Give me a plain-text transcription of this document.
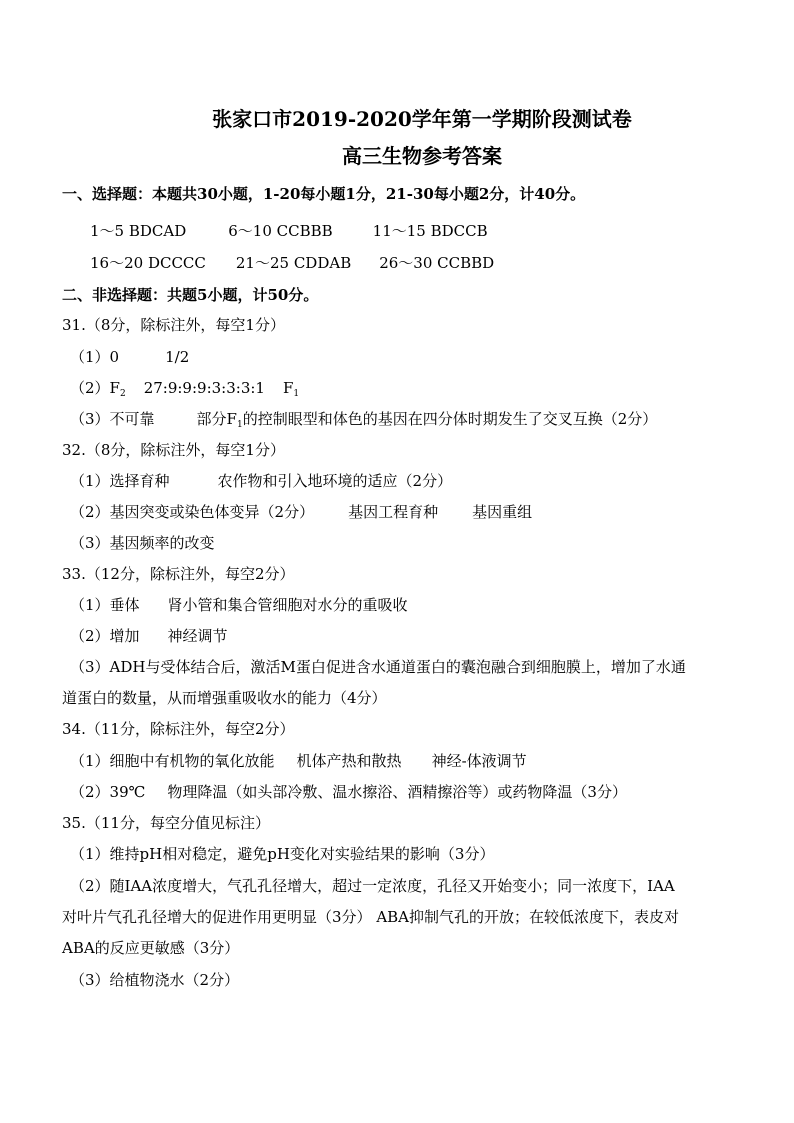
张家口市2019-2020学年第一学期阶段测试卷
高三生物参考答案
一、选择题：本题共30小题，1-20每小题1分，21-30每小题2分，计40分。
1～5 BDCAD	6～10 CCBBB	11～15 BDCCB
16～20 DCCCC 21～25 CDDAB 26～30 CCBBD
二、非选择题：共题5小题，计50分。
31.（8分，除标注外，每空1分）
（1）0	1/2
$(2)F_2$ 27:9:9:9:3:3:3:1 $F_1$
（3）不可靠	部分$F_1$的控制眼型和体色的基因在四分体时期发生了交叉互换（2分）
32.（8分，除标注外，每空1分）
（1）选择育种	农作物和引入地环境的适应（2分）
（2）基因突变或染色体变异（2分） 基因工程育种 基因重组
（3）基因频率的改变
33.（12分，除标注外，每空2分）
（1）垂体 肾小管和集合管细胞对水分的重吸收
（2）增加 神经调节
（3）ADH与受体结合后，激活M蛋白促进含水通道蛋白的囊泡融合到细胞膜上，增加了水通
道蛋白的数量，从而增强重吸收水的能力（4分）
34.（11分，除标注外，每空2分）
（1）细胞中有机物的氧化放能 机体产热和散热 神经-体液调节
（2）39℃ 物理降温（如头部冷敷、温水擦浴、酒精擦浴等）或药物降温（3分）
35.（11分，每空分值见标注）
（1）维持pH相对稳定，避免pH变化对实验结果的影响（3分）
（2）随IAA浓度增大，气孔孔径增大，超过一定浓度，孔径又开始变小；同一浓度下，IAA
对叶片气孔孔径增大的促进作用更明显（3分） ABA抑制气孔的开放；在较低浓度下，表皮对
ABA的反应更敏感（3分）
（3）给植物浇水（2分）
